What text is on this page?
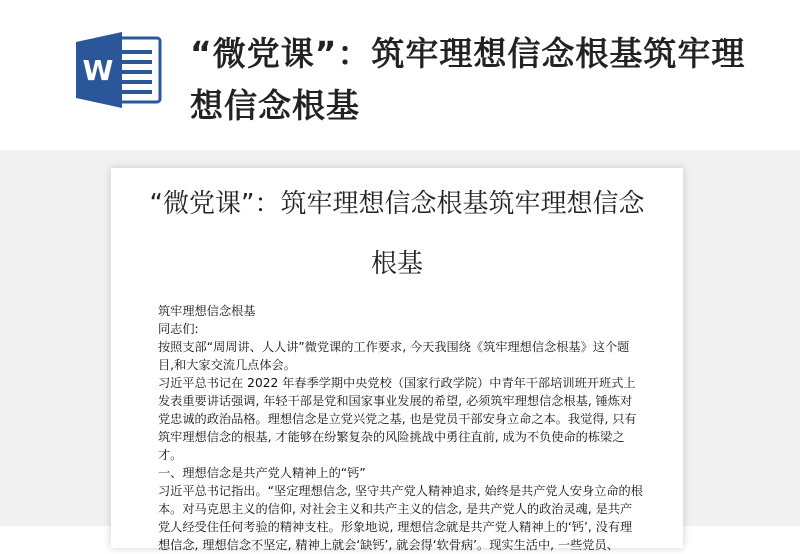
W “微党课”：筑牢理想信念根基筑牢理想信念根基
“微党课”：筑牢理想信念根基筑牢理想信念根基

筑牢理想信念根基

同志们:

按照支部“周周讲、人人讲”微党课的工作要求, 今天我围绕《筑牢理想信念根基》这个题目,和大家交流几点体会。

习近平总书记在 2022 年春季学期中央党校（国家行政学院）中青年干部培训班开班式上发表重要讲话强调, 年轻干部是党和国家事业发展的希望, 必须筑牢理想信念根基, 锤炼对党忠诚的政治品格。理想信念是立党兴党之基, 也是党员干部安身立命之本。我觉得, 只有筑牢理想信念的根基, 才能够在纷繁复杂的风险挑战中勇往直前, 成为不负使命的栋梁之才。

一、理想信念是共产党人精神上的“钙”

习近平总书记指出。“坚定理想信念, 坚守共产党人精神追求, 始终是共产党人安身立命的根本。对马克思主义的信仰, 对社会主义和共产主义的信念, 是共产党人的政治灵魂, 是共产党人经受住任何考验的精神支柱。形象地说, 理想信念就是共产党人精神上的‘钙’, 没有理想信念, 理想信念不坚定, 精神上就会‘缺钙’, 就会得‘软骨病’。现实生活中, 一些党员、
